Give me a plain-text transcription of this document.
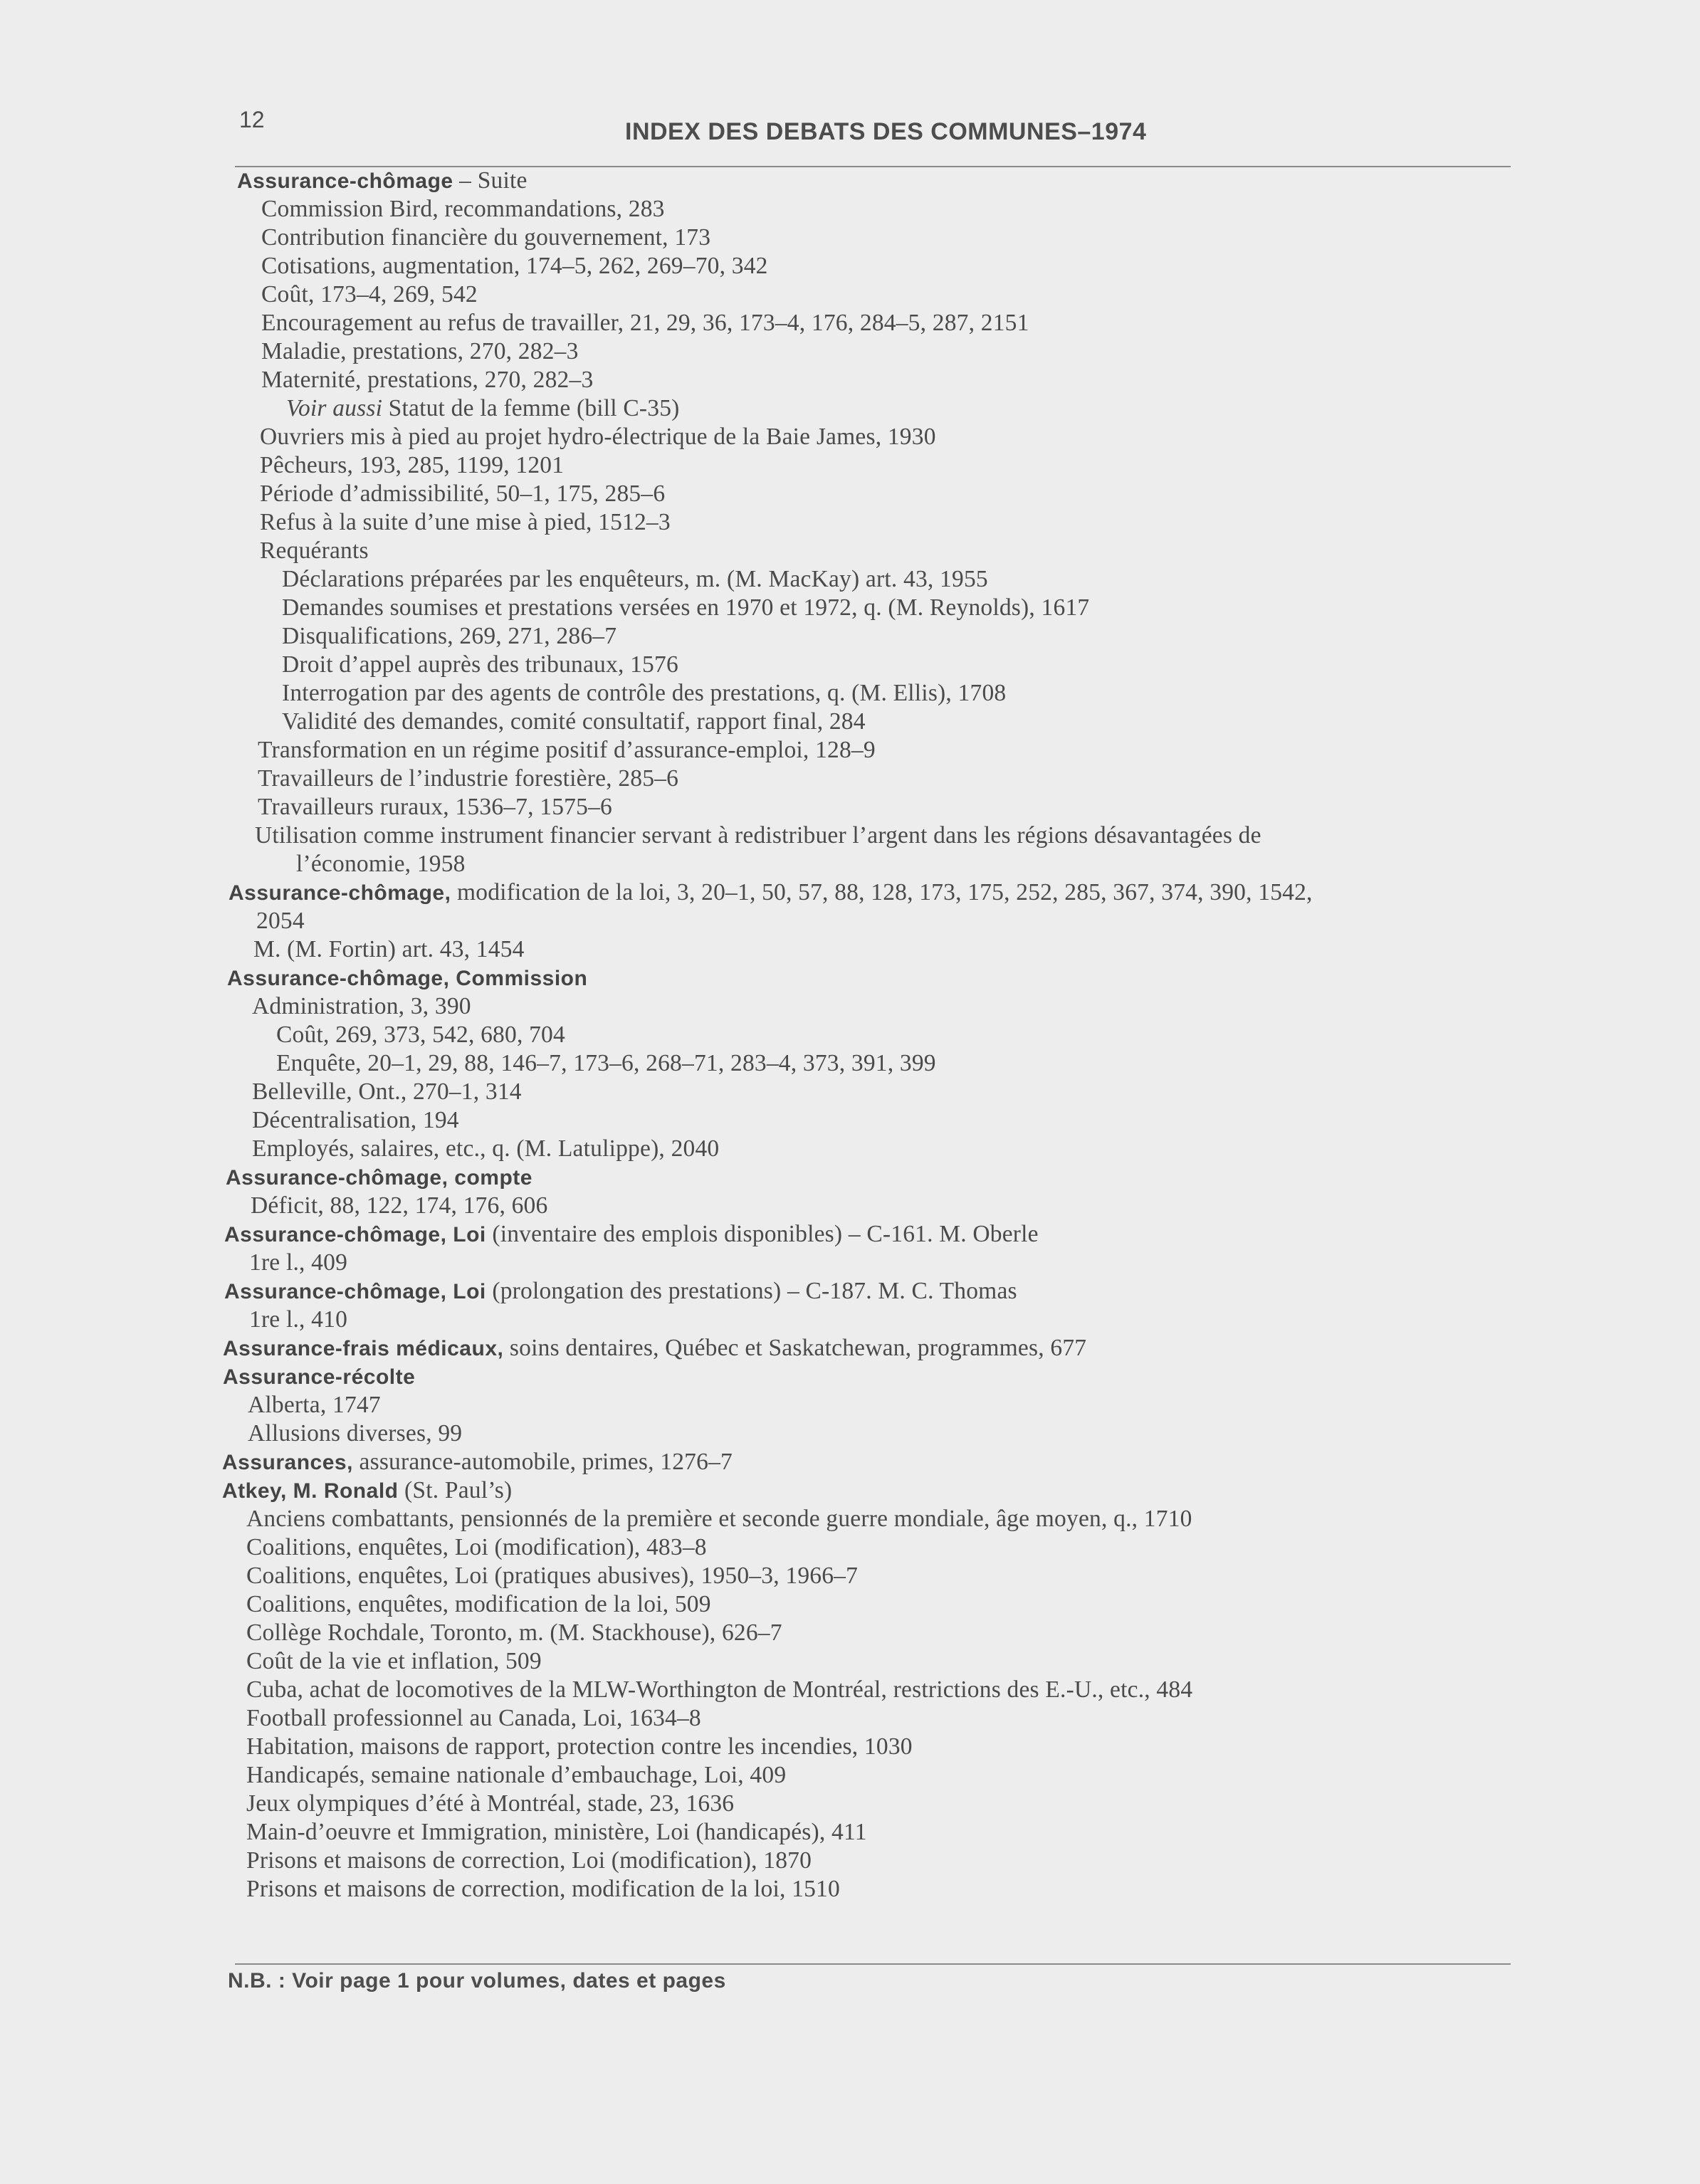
12	INDEX DES DEBATS DES COMMUNES–1974
Assurance-chômage – Suite
Commission Bird, recommandations, 283
Contribution financière du gouvernement, 173
Cotisations, augmentation, 174–5, 262, 269–70, 342
Coût, 173–4, 269, 542
Encouragement au refus de travailler, 21, 29, 36, 173–4, 176, 284–5, 287, 2151
Maladie, prestations, 270, 282–3
Maternité, prestations, 270, 282–3
Voir aussi Statut de la femme (bill C-35)
Ouvriers mis à pied au projet hydro-électrique de la Baie James, 1930
Pêcheurs, 193, 285, 1199, 1201
Période d’admissibilité, 50–1, 175, 285–6
Refus à la suite d’une mise à pied, 1512–3
Requérants
Déclarations préparées par les enquêteurs, m. (M. MacKay) art. 43, 1955
Demandes soumises et prestations versées en 1970 et 1972, q. (M. Reynolds), 1617
Disqualifications, 269, 271, 286–7
Droit d’appel auprès des tribunaux, 1576
Interrogation par des agents de contrôle des prestations, q. (M. Ellis), 1708
Validité des demandes, comité consultatif, rapport final, 284
Transformation en un régime positif d’assurance-emploi, 128–9
Travailleurs de l’industrie forestière, 285–6
Travailleurs ruraux, 1536–7, 1575–6
Utilisation comme instrument financier servant à redistribuer l’argent dans les régions désavantagées de
l’économie, 1958
Assurance-chômage, modification de la loi, 3, 20–1, 50, 57, 88, 128, 173, 175, 252, 285, 367, 374, 390, 1542,
2054
M. (M. Fortin) art. 43, 1454
Assurance-chômage, Commission
Administration, 3, 390
Coût, 269, 373, 542, 680, 704
Enquête, 20–1, 29, 88, 146–7, 173–6, 268–71, 283–4, 373, 391, 399
Belleville, Ont., 270–1, 314
Décentralisation, 194
Employés, salaires, etc., q. (M. Latulippe), 2040
Assurance-chômage, compte
Déficit, 88, 122, 174, 176, 606
Assurance-chômage, Loi (inventaire des emplois disponibles) – C-161. M. Oberle
1re l., 409
Assurance-chômage, Loi (prolongation des prestations) – C-187. M. C. Thomas
1re l., 410
Assurance-frais médicaux, soins dentaires, Québec et Saskatchewan, programmes, 677
Assurance-récolte
Alberta, 1747
Allusions diverses, 99
Assurances, assurance-automobile, primes, 1276–7
Atkey, M. Ronald (St. Paul’s)
Anciens combattants, pensionnés de la première et seconde guerre mondiale, âge moyen, q., 1710
Coalitions, enquêtes, Loi (modification), 483–8
Coalitions, enquêtes, Loi (pratiques abusives), 1950–3, 1966–7
Coalitions, enquêtes, modification de la loi, 509
Collège Rochdale, Toronto, m. (M. Stackhouse), 626–7
Coût de la vie et inflation, 509
Cuba, achat de locomotives de la MLW-Worthington de Montréal, restrictions des E.-U., etc., 484
Football professionnel au Canada, Loi, 1634–8
Habitation, maisons de rapport, protection contre les incendies, 1030
Handicapés, semaine nationale d’embauchage, Loi, 409
Jeux olympiques d’été à Montréal, stade, 23, 1636
Main-d’oeuvre et Immigration, ministère, Loi (handicapés), 411
Prisons et maisons de correction, Loi (modification), 1870
Prisons et maisons de correction, modification de la loi, 1510
N.B. : Voir page 1 pour volumes, dates et pages
